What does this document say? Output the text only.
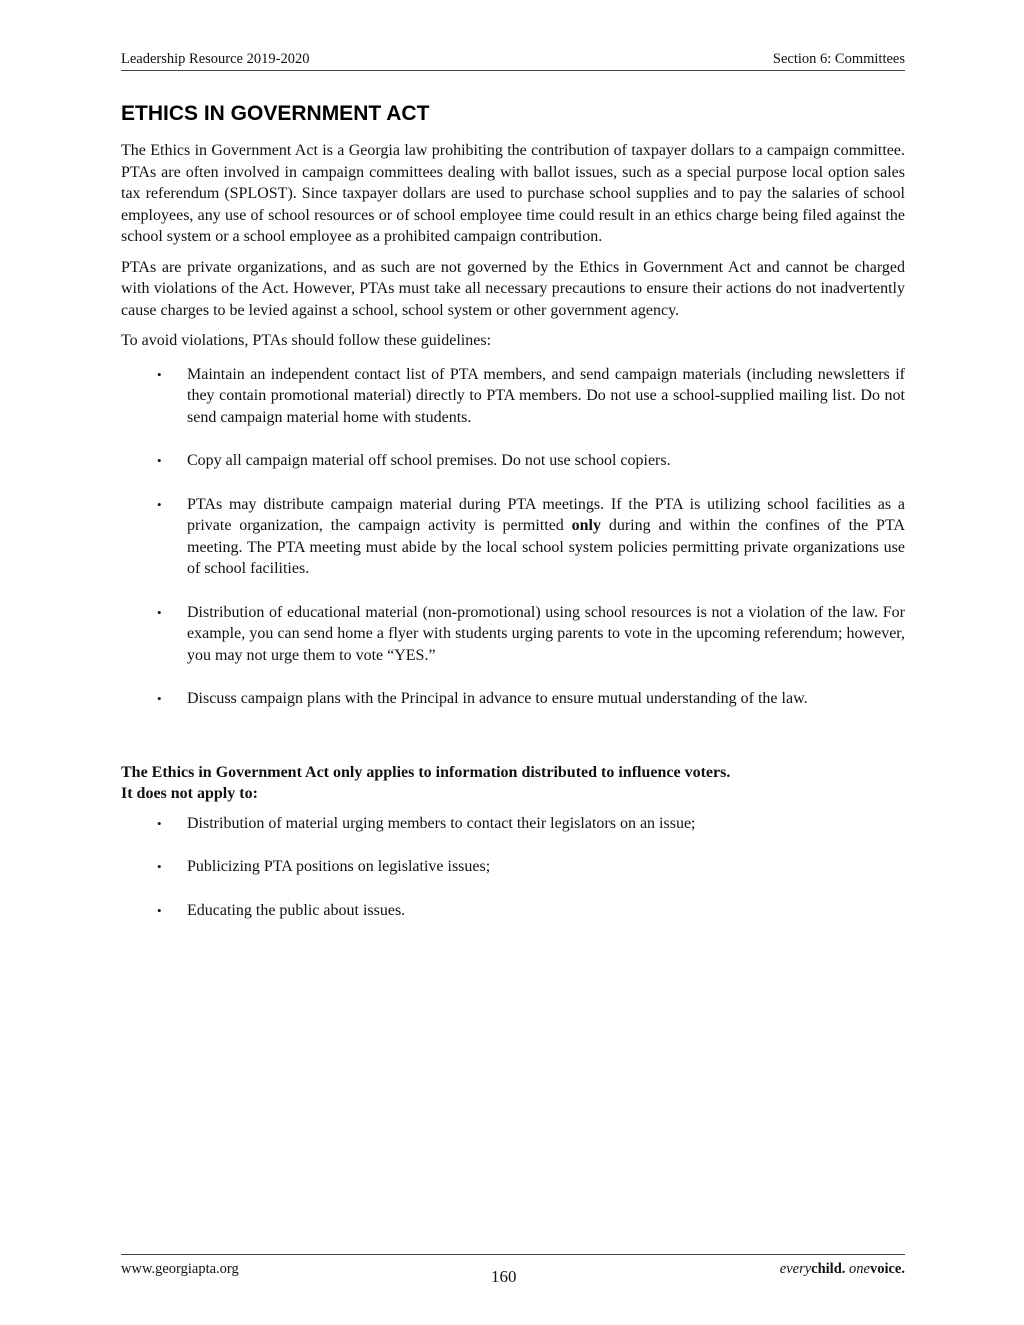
Leadership Resource 2019-2020	Section 6: Committees
ETHICS IN GOVERNMENT ACT

The Ethics in Government Act is a Georgia law prohibiting the contribution of taxpayer dollars to a campaign committee. PTAs are often involved in campaign committees dealing with ballot issues, such as a special purpose local option sales tax referendum (SPLOST). Since taxpayer dollars are used to purchase school supplies and to pay the salaries of school employees, any use of school resources or of school employee time could result in an ethics charge being filed against the school system or a school employee as a prohibited campaign contribution.

PTAs are private organizations, and as such are not governed by the Ethics in Government Act and cannot be charged with violations of the Act. However, PTAs must take all necessary precautions to ensure their actions do not inadvertently cause charges to be levied against a school, school system or other government agency.

To avoid violations, PTAs should follow these guidelines:

• Maintain an independent contact list of PTA members, and send campaign materials (including newsletters if they contain promotional material) directly to PTA members. Do not use a school-supplied mailing list. Do not send campaign material home with students.
• Copy all campaign material off school premises. Do not use school copiers.
• PTAs may distribute campaign material during PTA meetings. If the PTA is utilizing school facilities as a private organization, the campaign activity is permitted only during and within the confines of the PTA meeting. The PTA meeting must abide by the local school system policies permitting private organizations use of school facilities.
• Distribution of educational material (non-promotional) using school resources is not a violation of the law. For example, you can send home a flyer with students urging parents to vote in the upcoming referendum; however, you may not urge them to vote “YES.”
• Discuss campaign plans with the Principal in advance to ensure mutual understanding of the law.

The Ethics in Government Act only applies to information distributed to influence voters.
It does not apply to:

• Distribution of material urging members to contact their legislators on an issue;
• Publicizing PTA positions on legislative issues;
• Educating the public about issues.
www.georgiapta.org	160	everychild. onevoice.
